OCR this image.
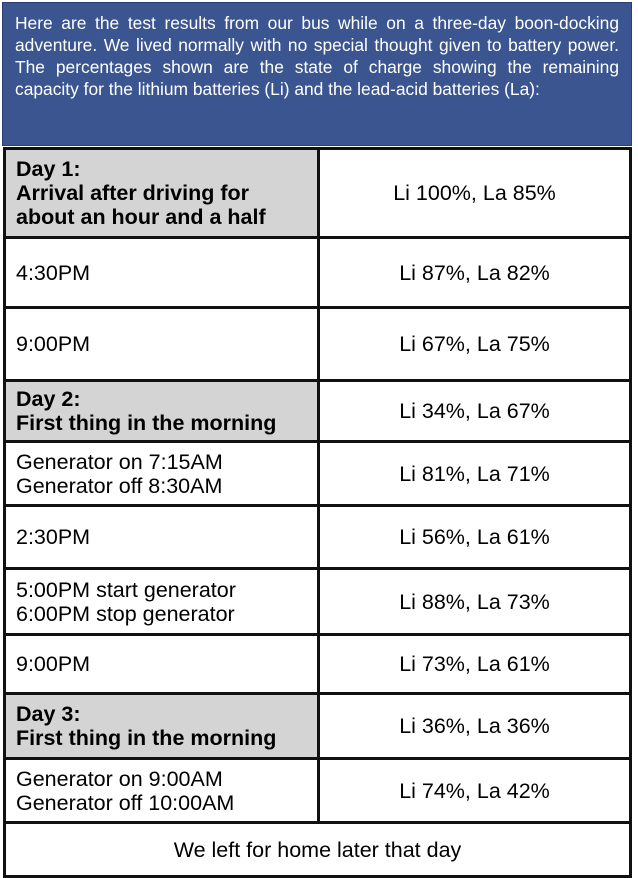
Here are the test results from our bus while on a three-day boon-docking adventure. We lived normally with no special thought given to battery power. The percentages shown are the state of charge showing the remaining capacity for the lithium batteries (Li) and the lead-acid batteries (La):
Day 1:
Arrival after driving for
about an hour and a half	Li 100%, La 85%

4:30PM	Li 87%, La 82%

9:00PM	Li 67%, La 75%

Day 2:
First thing in the morning	Li 34%, La 67%

Generator on 7:15AM
Generator off 8:30AM	Li 81%, La 71%

2:30PM	Li 56%, La 61%

5:00PM start generator
6:00PM stop generator	Li 88%, La 73%

9:00PM	Li 73%, La 61%

Day 3:
First thing in the morning	Li 36%, La 36%

Generator on 9:00AM
Generator off 10:00AM	Li 74%, La 42%
We left for home later that day	
